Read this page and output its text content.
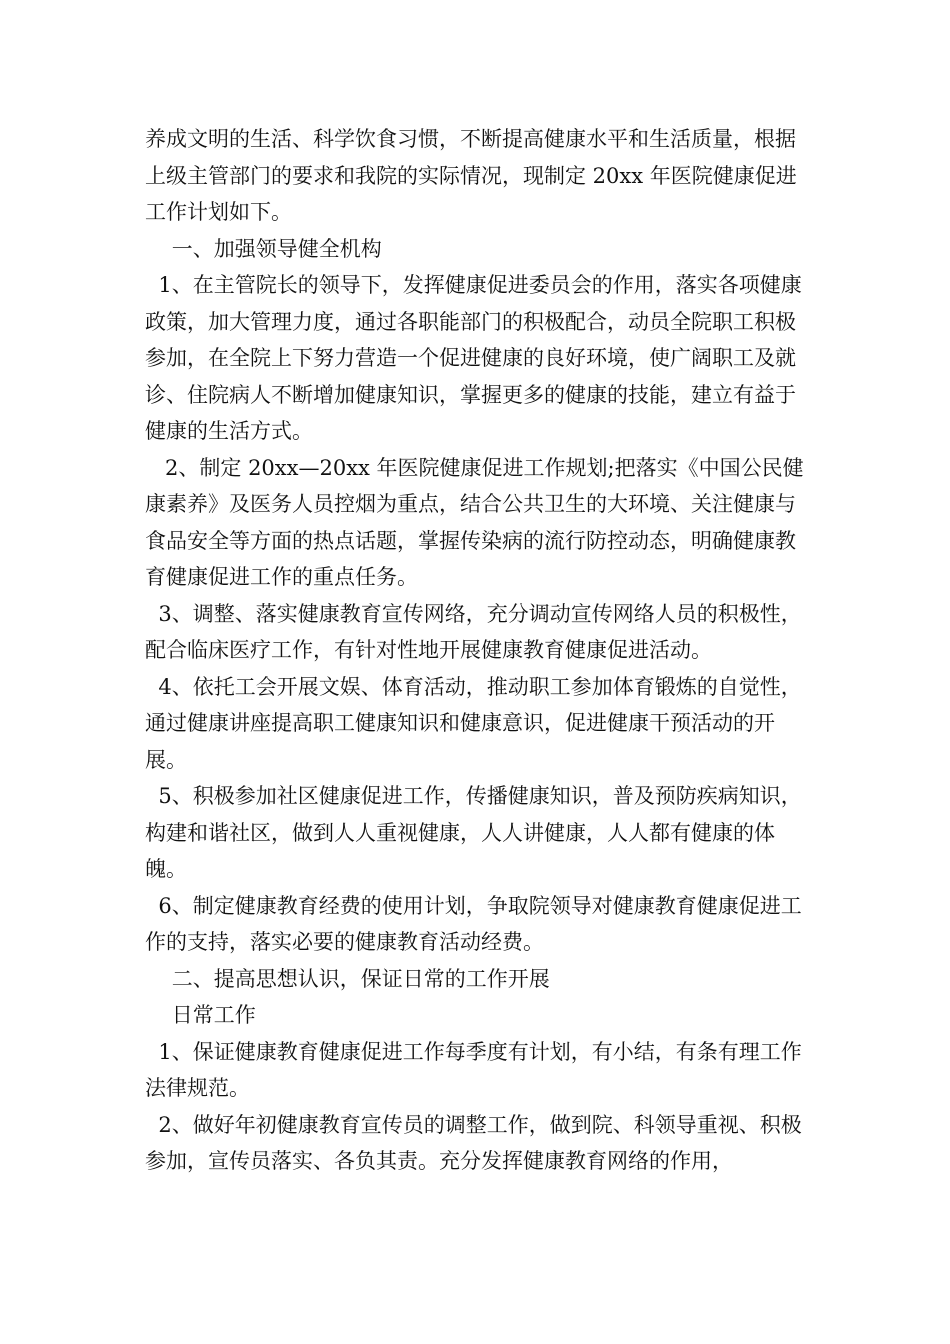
养成文明的生活、科学饮食习惯，不断提高健康水平和生活质量，根据上级主管部门的要求和我院的实际情况，现制定 20xx 年医院健康促进工作计划如下。

一、加强领导健全机构

1、在主管院长的领导下，发挥健康促进委员会的作用，落实各项健康政策，加大管理力度，通过各职能部门的积极配合，动员全院职工积极参加，在全院上下努力营造一个促进健康的良好环境，使广阔职工及就诊、住院病人不断增加健康知识，掌握更多的健康的技能，建立有益于健康的生活方式。

2、制定 20xx—20xx 年医院健康促进工作规划;把落实《中国公民健康素养》及医务人员控烟为重点，结合公共卫生的大环境、关注健康与食品安全等方面的热点话题，掌握传染病的流行防控动态，明确健康教育健康促进工作的重点任务。

3、调整、落实健康教育宣传网络，充分调动宣传网络人员的积极性，配合临床医疗工作，有针对性地开展健康教育健康促进活动。

4、依托工会开展文娱、体育活动，推动职工参加体育锻炼的自觉性，通过健康讲座提高职工健康知识和健康意识，促进健康干预活动的开展。

5、积极参加社区健康促进工作，传播健康知识，普及预防疾病知识，构建和谐社区，做到人人重视健康，人人讲健康，人人都有健康的体魄。

6、制定健康教育经费的使用计划，争取院领导对健康教育健康促进工作的支持，落实必要的健康教育活动经费。

二、提高思想认识，保证日常的工作开展

日常工作

1、保证健康教育健康促进工作每季度有计划，有小结，有条有理工作法律规范。

2、做好年初健康教育宣传员的调整工作，做到院、科领导重视、积极参加，宣传员落实、各负其责。充分发挥健康教育网络的作用，
